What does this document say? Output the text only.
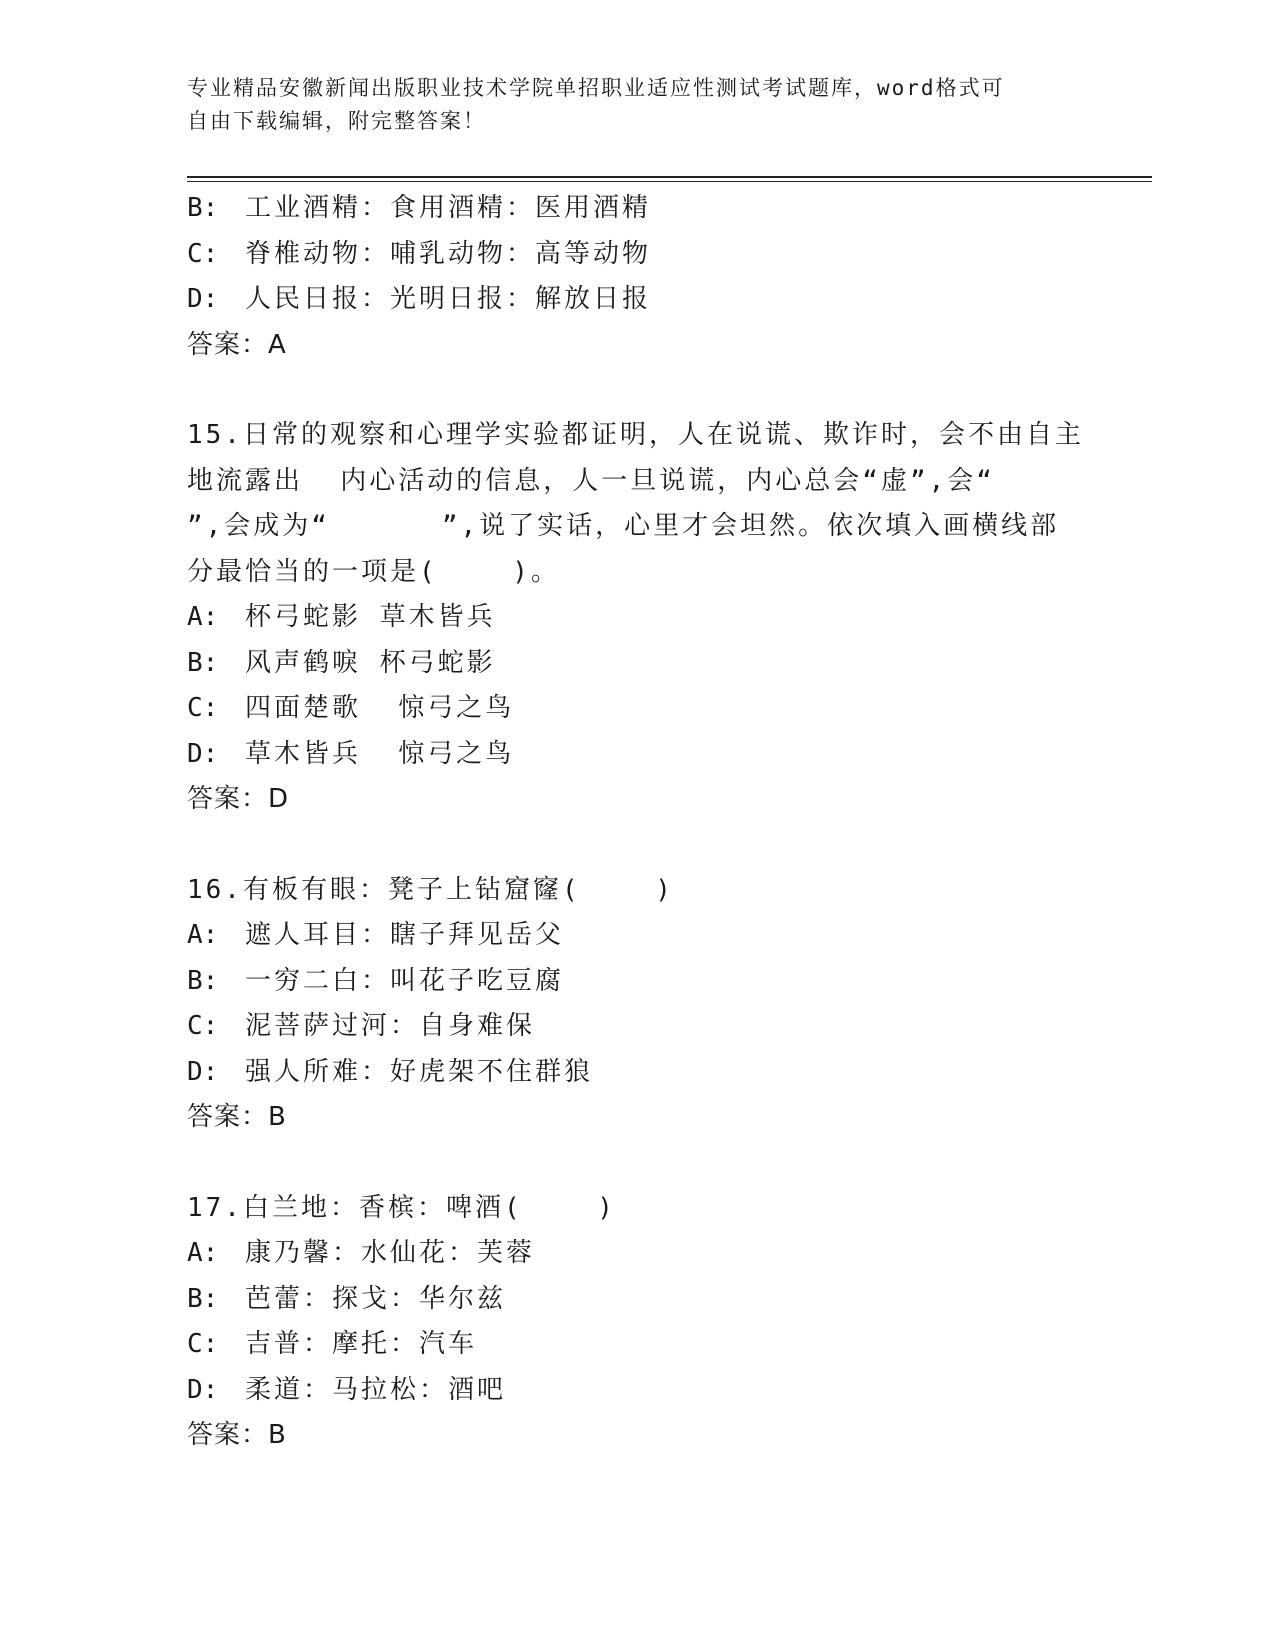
专业精品安徽新闻出版职业技术学院单招职业适应性测试考试题库，word格式可
自由下载编辑，附完整答案！
B: 工业酒精：食用酒精：医用酒精
C: 脊椎动物：哺乳动物：高等动物
D: 人民日报：光明日报：解放日报
答案：A
15.日常的观察和心理学实验都证明，人在说谎、欺诈时，会不由自主
地流露出  内心活动的信息，人一旦说谎，内心总会“虚”,会“
”,会成为“      ”,说了实话，心里才会坦然。依次填入画横线部
分最恰当的一项是(    )。
A: 杯弓蛇影 草木皆兵
B: 风声鹤唳 杯弓蛇影
C: 四面楚歌  惊弓之鸟
D: 草木皆兵  惊弓之鸟
答案：D
16.有板有眼：凳子上钻窟窿(    )
A: 遮人耳目：瞎子拜见岳父
B: 一穷二白：叫花子吃豆腐
C: 泥菩萨过河：自身难保
D: 强人所难：好虎架不住群狼
答案：B
17.白兰地：香槟：啤酒(    )
A: 康乃馨：水仙花：芙蓉
B: 芭蕾：探戈：华尔兹
C: 吉普：摩托：汽车
D: 柔道：马拉松：酒吧
答案：B
